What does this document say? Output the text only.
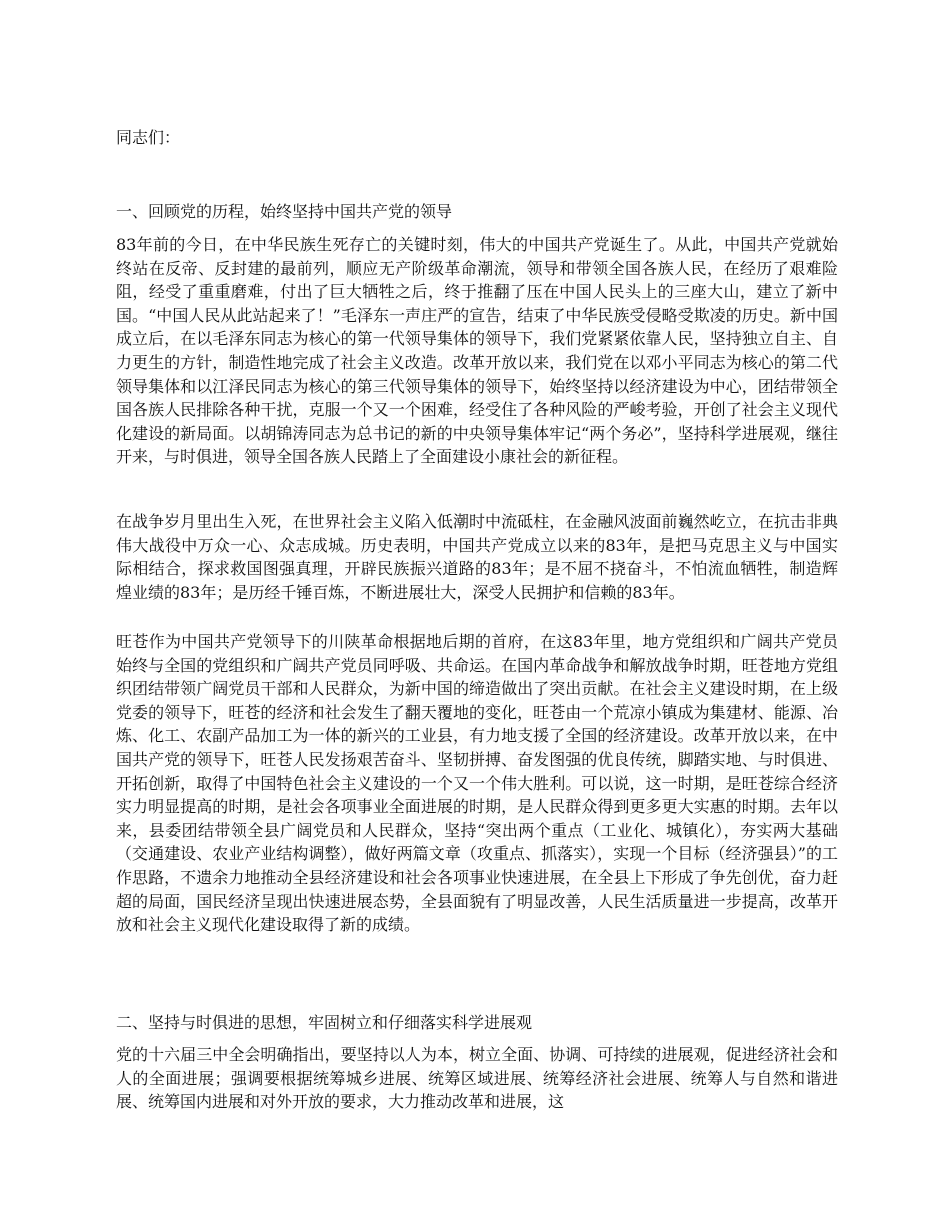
同志们：

一、回顾党的历程，始终坚持中国共产党的领导

83年前的今日，在中华民族生死存亡的关键时刻，伟大的中国共产党诞生了。从此，中国共产党就始终站在反帝、反封建的最前列，顺应无产阶级革命潮流，领导和带领全国各族人民，在经历了艰难险阻，经受了重重磨难，付出了巨大牺牲之后，终于推翻了压在中国人民头上的三座大山，建立了新中国。“中国人民从此站起来了！”毛泽东一声庄严的宣告，结束了中华民族受侵略受欺凌的历史。新中国成立后，在以毛泽东同志为核心的第一代领导集体的领导下，我们党紧紧依靠人民，坚持独立自主、自力更生的方针，制造性地完成了社会主义改造。改革开放以来，我们党在以邓小平同志为核心的第二代领导集体和以江泽民同志为核心的第三代领导集体的领导下，始终坚持以经济建设为中心，团结带领全国各族人民排除各种干扰，克服一个又一个困难，经受住了各种风险的严峻考验，开创了社会主义现代化建设的新局面。以胡锦涛同志为总书记的新的中央领导集体牢记“两个务必”，坚持科学进展观，继往开来，与时俱进，领导全国各族人民踏上了全面建设小康社会的新征程。

在战争岁月里出生入死，在世界社会主义陷入低潮时中流砥柱，在金融风波面前巍然屹立，在抗击非典伟大战役中万众一心、众志成城。历史表明，中国共产党成立以来的83年，是把马克思主义与中国实际相结合，探求救国图强真理，开辟民族振兴道路的83年；是不屈不挠奋斗，不怕流血牺牲，制造辉煌业绩的83年；是历经千锤百炼，不断进展壮大，深受人民拥护和信赖的83年。

旺苍作为中国共产党领导下的川陕革命根据地后期的首府，在这83年里，地方党组织和广阔共产党员始终与全国的党组织和广阔共产党员同呼吸、共命运。在国内革命战争和解放战争时期，旺苍地方党组织团结带领广阔党员干部和人民群众，为新中国的缔造做出了突出贡献。在社会主义建设时期，在上级党委的领导下，旺苍的经济和社会发生了翻天覆地的变化，旺苍由一个荒凉小镇成为集建材、能源、冶炼、化工、农副产品加工为一体的新兴的工业县，有力地支援了全国的经济建设。改革开放以来，在中国共产党的领导下，旺苍人民发扬艰苦奋斗、坚韧拼搏、奋发图强的优良传统，脚踏实地、与时俱进、开拓创新，取得了中国特色社会主义建设的一个又一个伟大胜利。可以说，这一时期，是旺苍综合经济实力明显提高的时期，是社会各项事业全面进展的时期，是人民群众得到更多更大实惠的时期。去年以来，县委团结带领全县广阔党员和人民群众，坚持“突出两个重点（工业化、城镇化），夯实两大基础（交通建设、农业产业结构调整），做好两篇文章（攻重点、抓落实），实现一个目标（经济强县）”的工作思路，不遗余力地推动全县经济建设和社会各项事业快速进展，在全县上下形成了争先创优，奋力赶超的局面，国民经济呈现出快速进展态势，全县面貌有了明显改善，人民生活质量进一步提高，改革开放和社会主义现代化建设取得了新的成绩。

二、坚持与时俱进的思想，牢固树立和仔细落实科学进展观

党的十六届三中全会明确指出，要坚持以人为本，树立全面、协调、可持续的进展观，促进经济社会和人的全面进展；强调要根据统筹城乡进展、统筹区域进展、统筹经济社会进展、统筹人与自然和谐进展、统筹国内进展和对外开放的要求，大力推动改革和进展，这
